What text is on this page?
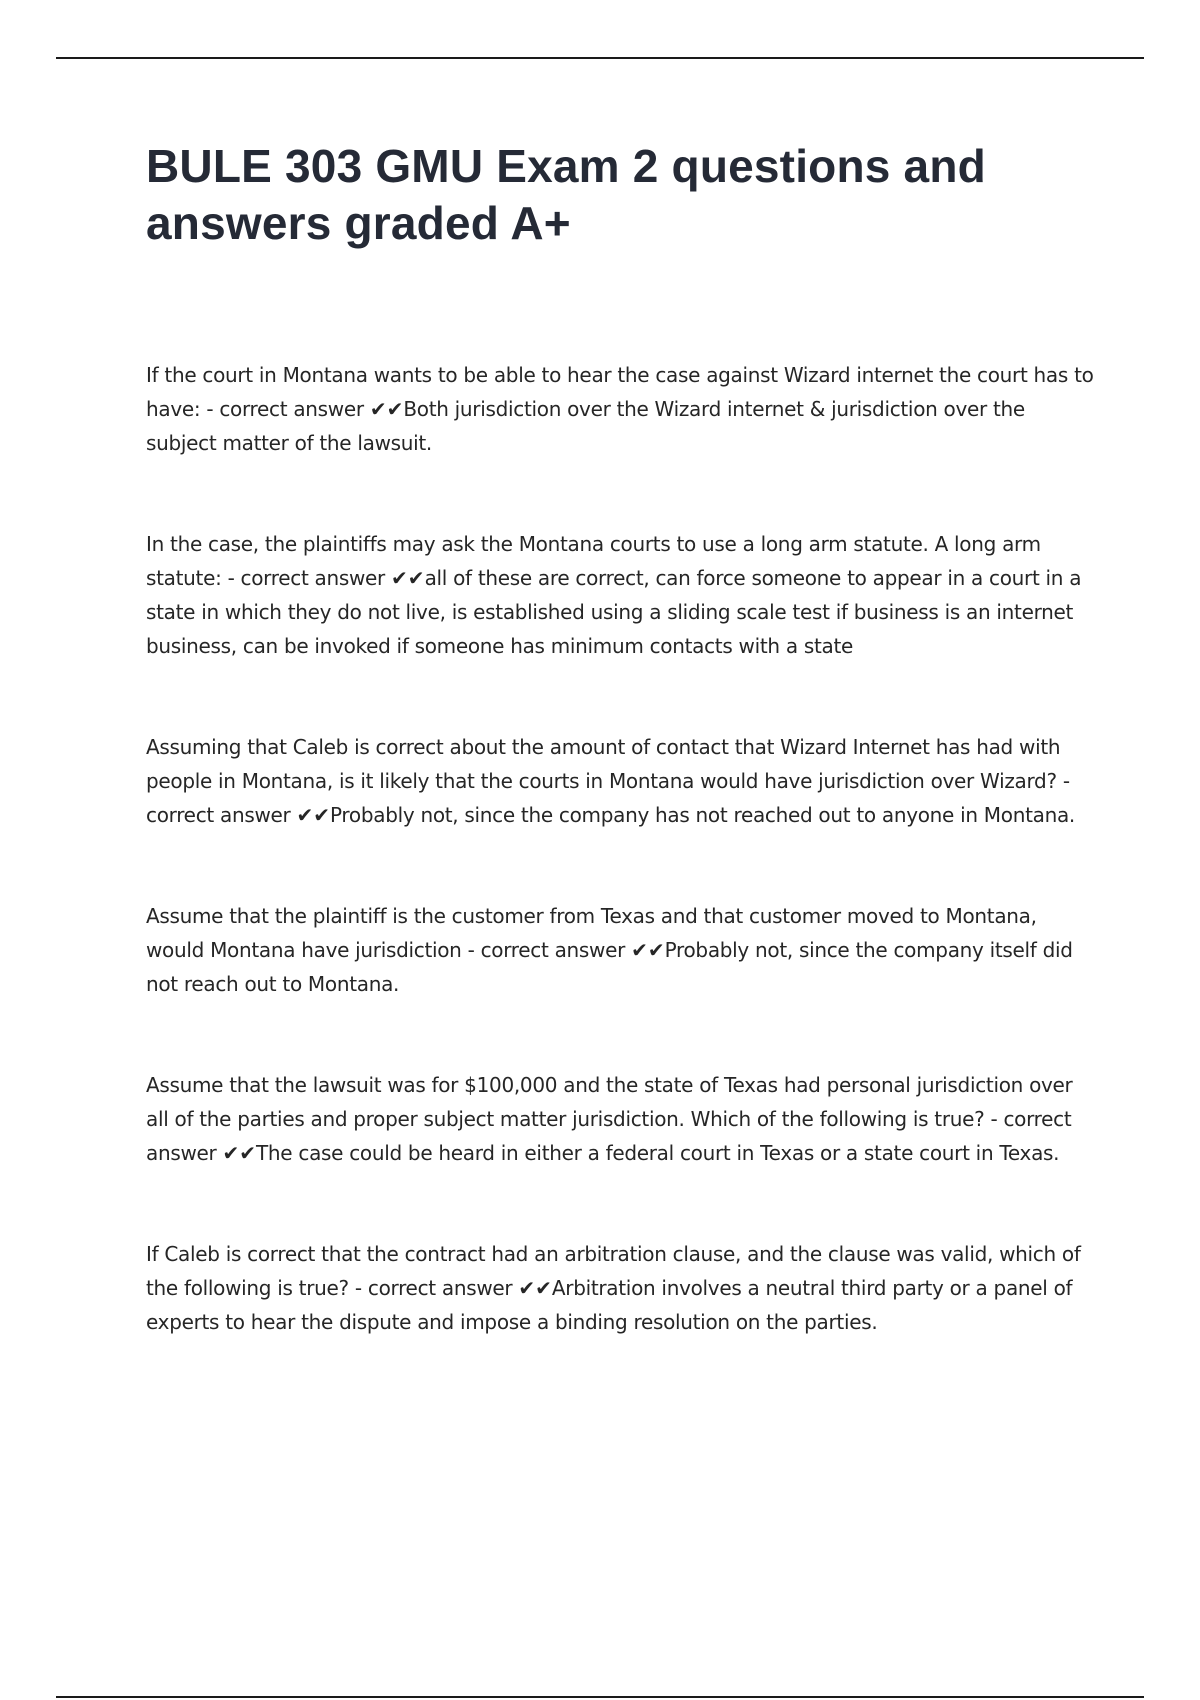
BULE 303 GMU Exam 2 questions and answers graded A+

If the court in Montana wants to be able to hear the case against Wizard internet the court has to have: - correct answer ✔✔Both jurisdiction over the Wizard internet & jurisdiction over the subject matter of the lawsuit.

In the case, the plaintiffs may ask the Montana courts to use a long arm statute. A long arm statute: - correct answer ✔✔all of these are correct, can force someone to appear in a court in a state in which they do not live, is established using a sliding scale test if business is an internet business, can be invoked if someone has minimum contacts with a state

Assuming that Caleb is correct about the amount of contact that Wizard Internet has had with people in Montana, is it likely that the courts in Montana would have jurisdiction over Wizard? - correct answer ✔✔Probably not, since the company has not reached out to anyone in Montana.

Assume that the plaintiff is the customer from Texas and that customer moved to Montana, would Montana have jurisdiction - correct answer ✔✔Probably not, since the company itself did not reach out to Montana.

Assume that the lawsuit was for $100,000 and the state of Texas had personal jurisdiction over all of the parties and proper subject matter jurisdiction. Which of the following is true? - correct answer ✔✔The case could be heard in either a federal court in Texas or a state court in Texas.

If Caleb is correct that the contract had an arbitration clause, and the clause was valid, which of the following is true? - correct answer ✔✔Arbitration involves a neutral third party or a panel of experts to hear the dispute and impose a binding resolution on the parties.
